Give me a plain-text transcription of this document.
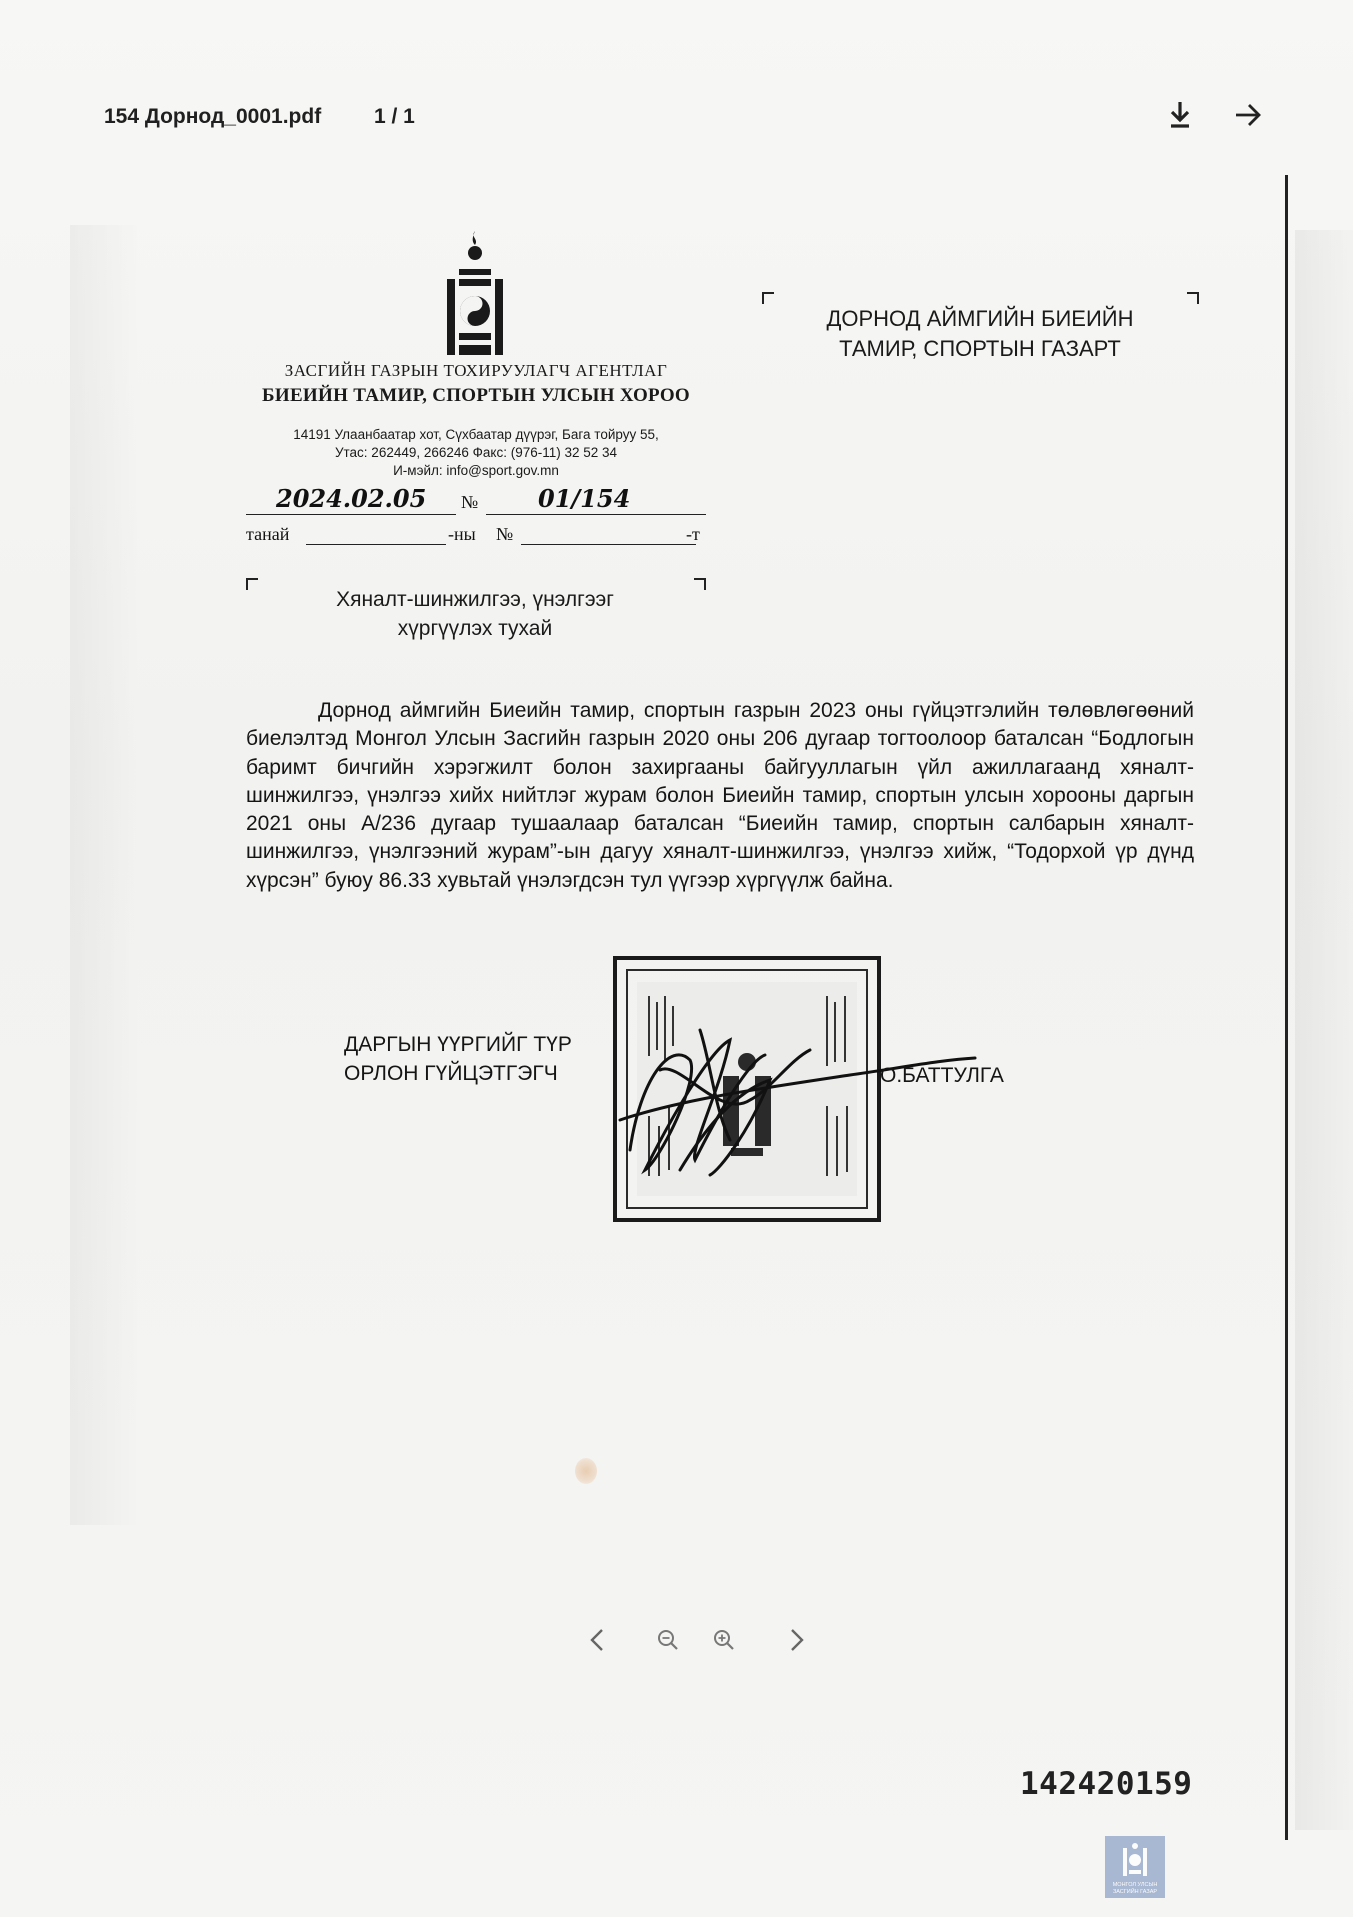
154 Дорнод_0001.pdf	1 / 1
ЗАСГИЙН ГАЗРЫН ТОХИРУУЛАГЧ АГЕНТЛАГ
БИЕИЙН ТАМИР, СПОРТЫН УЛСЫН ХОРОО
14191 Улаанбаатар хот, Сүхбаатар дүүрэг, Бага тойруу 55,
Утас: 262449, 266246 Факс: (976-11) 32 52 34
И-мэйл: info@sport.gov.mn
2024.02.05 № 01/154
танай	-ны №	-т
Хяналт-шинжилгээ, үнэлгээг
хүргүүлэх тухай
ДОРНОД АЙМГИЙН БИЕИЙН
ТАМИР, СПОРТЫН ГАЗАРТ
Дорнод аймгийн Биеийн тамир, спортын газрын 2023 оны гүйцэтгэлийн төлөвлөгөөний биелэлтэд Монгол Улсын Засгийн газрын 2020 оны 206 дугаар тогтоолоор баталсан “Бодлогын баримт бичгийн хэрэгжилт болон захиргааны байгууллагын үйл ажиллагаанд хяналт-шинжилгээ, үнэлгээ хийх нийтлэг журам болон Биеийн тамир, спортын улсын хорооны даргын 2021 оны А/236 дугаар тушаалаар баталсан “Биеийн тамир, спортын салбарын хяналт-шинжилгээ, үнэлгээний журам”-ын дагуу хяналт-шинжилгээ, үнэлгээ хийж, “Тодорхой үр дүнд хүрсэн” буюу 86.33 хувьтай үнэлэгдсэн тул үүгээр хүргүүлж байна.
ДАРГЫН ҮҮРГИЙГ ТҮР
ОРЛОН ГҮЙЦЭТГЭГЧ	О.БАТТУЛГА
142420159
МОНГОЛ УЛСЫН
ЗАСГИЙН ГАЗАР
